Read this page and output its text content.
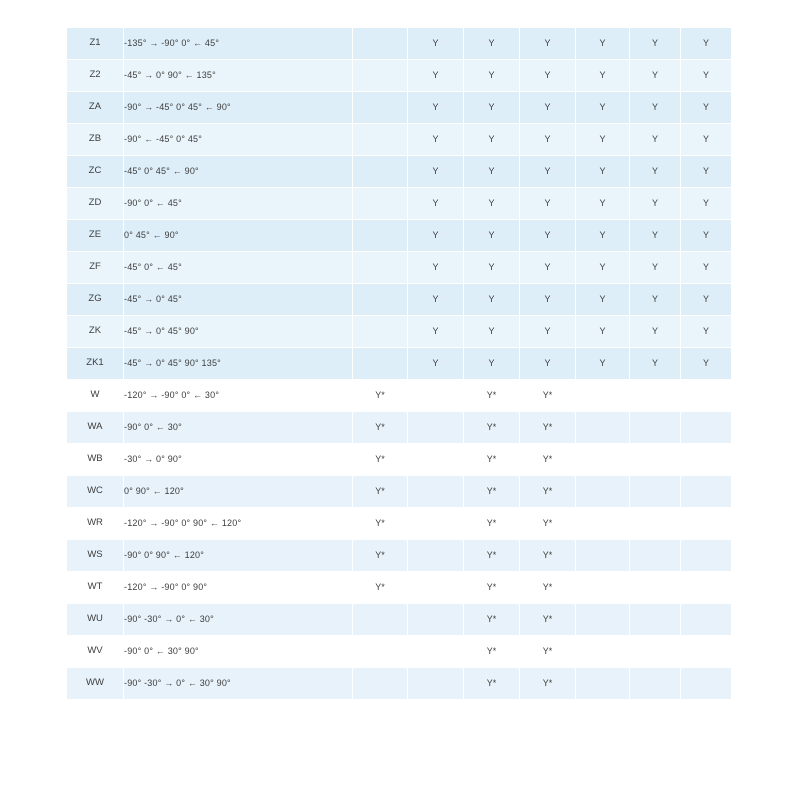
Z1	-135° → -90° 0° ← 45°		Y	Y	Y	Y	Y	Y
Z2	-45° → 0° 90° ← 135°		Y	Y	Y	Y	Y	Y
ZA	-90° → -45° 0° 45° ← 90°		Y	Y	Y	Y	Y	Y
ZB	-90° ← -45° 0° 45°		Y	Y	Y	Y	Y	Y
ZC	-45° 0° 45° ← 90°		Y	Y	Y	Y	Y	Y
ZD	-90° 0° ← 45°		Y	Y	Y	Y	Y	Y
ZE	0° 45° ← 90°		Y	Y	Y	Y	Y	Y
ZF	-45° 0° ← 45°		Y	Y	Y	Y	Y	Y
ZG	-45° → 0° 45°		Y	Y	Y	Y	Y	Y
ZK	-45° → 0° 45° 90°		Y	Y	Y	Y	Y	Y
ZK1	-45° → 0° 45° 90° 135°		Y	Y	Y	Y	Y	Y
W	-120° → -90° 0° ← 30°	Y*		Y*	Y*			
WA	-90° 0° ← 30°	Y*		Y*	Y*			
WB	-30° → 0° 90°	Y*		Y*	Y*			
WC	0° 90° ← 120°	Y*		Y*	Y*			
WR	-120° → -90° 0° 90° ← 120°	Y*		Y*	Y*			
WS	-90° 0° 90° ← 120°	Y*		Y*	Y*			
WT	-120° → -90° 0° 90°	Y*		Y*	Y*			
WU	-90° -30° → 0° ← 30°			Y*	Y*			
WV	-90° 0° ← 30° 90°			Y*	Y*			
WW	-90° -30° → 0° ← 30° 90°			Y*	Y*			
